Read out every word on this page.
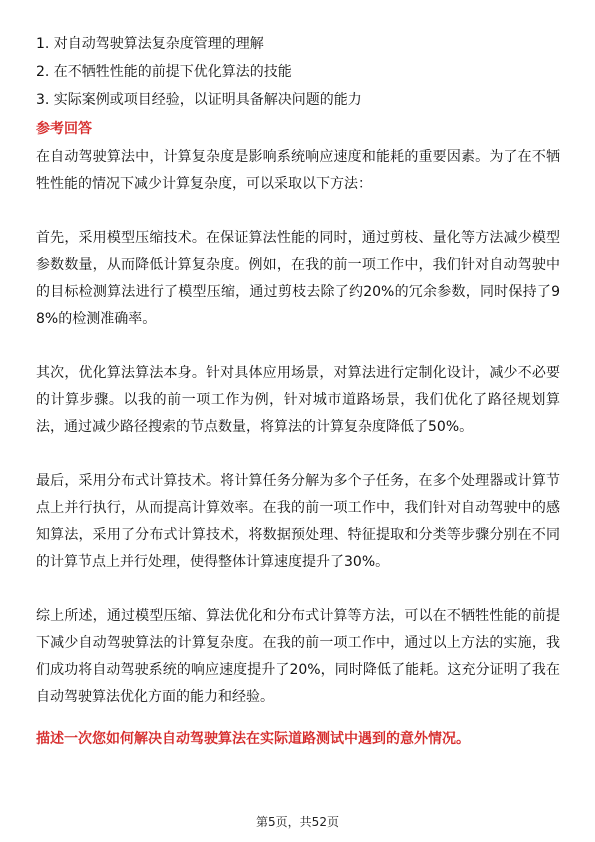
1. 对自动驾驶算法复杂度管理的理解
2. 在不牺牲性能的前提下优化算法的技能
3. 实际案例或项目经验，以证明具备解决问题的能力
参考回答

在自动驾驶算法中，计算复杂度是影响系统响应速度和能耗的重要因素。为了在不牺牲性能的情况下减少计算复杂度，可以采取以下方法：

首先，采用模型压缩技术。在保证算法性能的同时，通过剪枝、量化等方法减少模型参数数量，从而降低计算复杂度。例如，在我的前一项工作中，我们针对自动驾驶中的目标检测算法进行了模型压缩，通过剪枝去除了约20%的冗余参数，同时保持了98%的检测准确率。

其次，优化算法算法本身。针对具体应用场景，对算法进行定制化设计，减少不必要的计算步骤。以我的前一项工作为例，针对城市道路场景，我们优化了路径规划算法，通过减少路径搜索的节点数量，将算法的计算复杂度降低了50%。

最后，采用分布式计算技术。将计算任务分解为多个子任务，在多个处理器或计算节点上并行执行，从而提高计算效率。在我的前一项工作中，我们针对自动驾驶中的感知算法，采用了分布式计算技术，将数据预处理、特征提取和分类等步骤分别在不同的计算节点上并行处理，使得整体计算速度提升了30%。

综上所述，通过模型压缩、算法优化和分布式计算等方法，可以在不牺牲性能的前提下减少自动驾驶算法的计算复杂度。在我的前一项工作中，通过以上方法的实施，我们成功将自动驾驶系统的响应速度提升了20%，同时降低了能耗。这充分证明了我在自动驾驶算法优化方面的能力和经验。

描述一次您如何解决自动驾驶算法在实际道路测试中遇到的意外情况。
第5页，共52页
